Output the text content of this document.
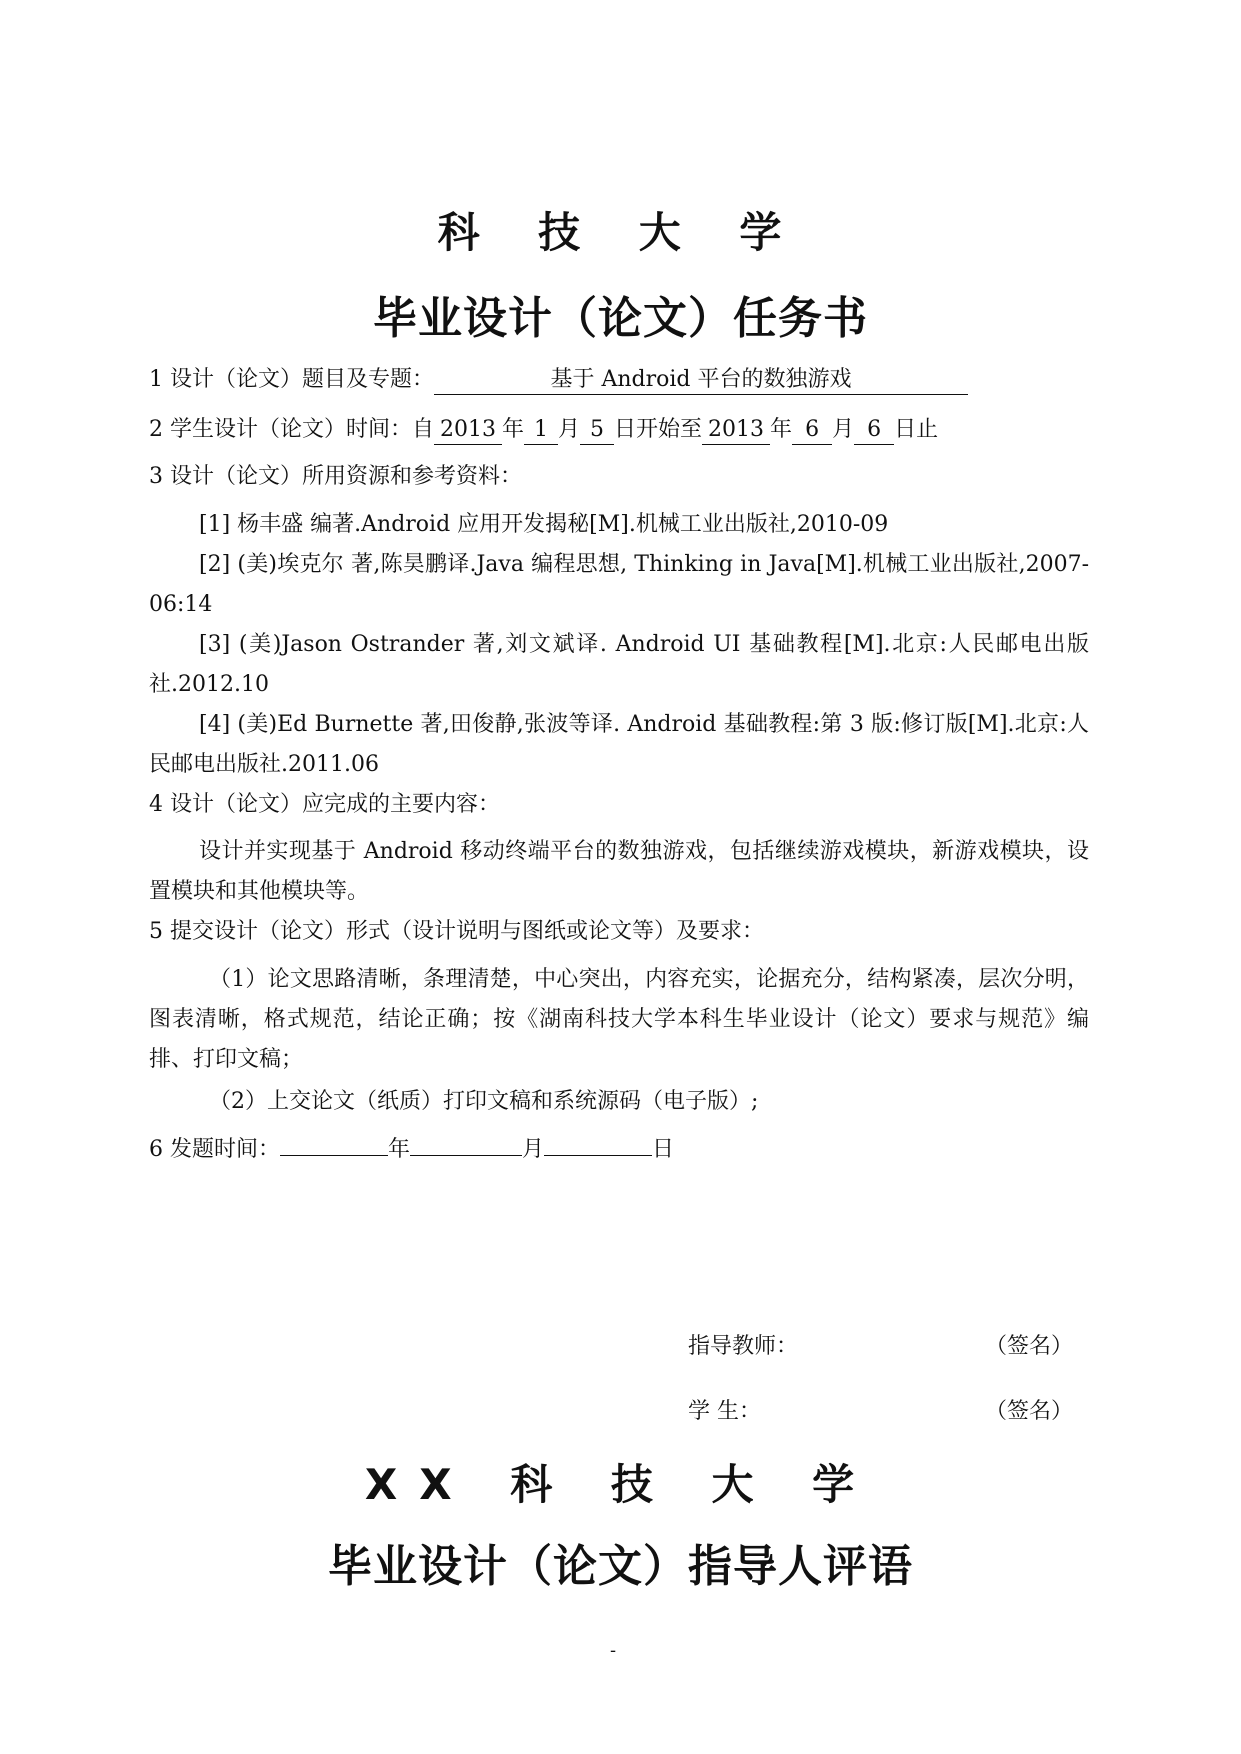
科 技 大 学
毕业设计（论文）任务书
1 设计（论文）题目及专题：	基于 Android 平台的数独游戏
2 学生设计（论文）时间：自 2013 年 1 月 5 日开始至 2013 年 6 月 6 日止
3 设计（论文）所用资源和参考资料：
[1] 杨丰盛 编著.Android 应用开发揭秘[M].机械工业出版社,2010-09
[2] (美)埃克尔 著,陈昊鹏译.Java 编程思想, Thinking in Java[M].机械工业出版社,2007-06:14
[3] (美)Jason Ostrander 著,刘文斌译. Android UI 基础教程[M].北京:人民邮电出版社.2012.10
[4] (美)Ed Burnette 著,田俊静,张波等译. Android 基础教程:第 3 版:修订版[M].北京:人民邮电出版社.2011.06
4 设计（论文）应完成的主要内容：
设计并实现基于 Android 移动终端平台的数独游戏，包括继续游戏模块，新游戏模块，设置模块和其他模块等。
5 提交设计（论文）形式（设计说明与图纸或论文等）及要求：
（1）论文思路清晰，条理清楚，中心突出，内容充实，论据充分，结构紧凑，层次分明，图表清晰，格式规范，结论正确；按《湖南科技大学本科生毕业设计（论文）要求与规范》编排、打印文稿；
（2）上交论文（纸质）打印文稿和系统源码（电子版）;
6 发题时间：	年	月	日
指导教师：	（签名）
学 生：	（签名）
XX 科 技 大 学
毕业设计（论文）指导人评语
-
